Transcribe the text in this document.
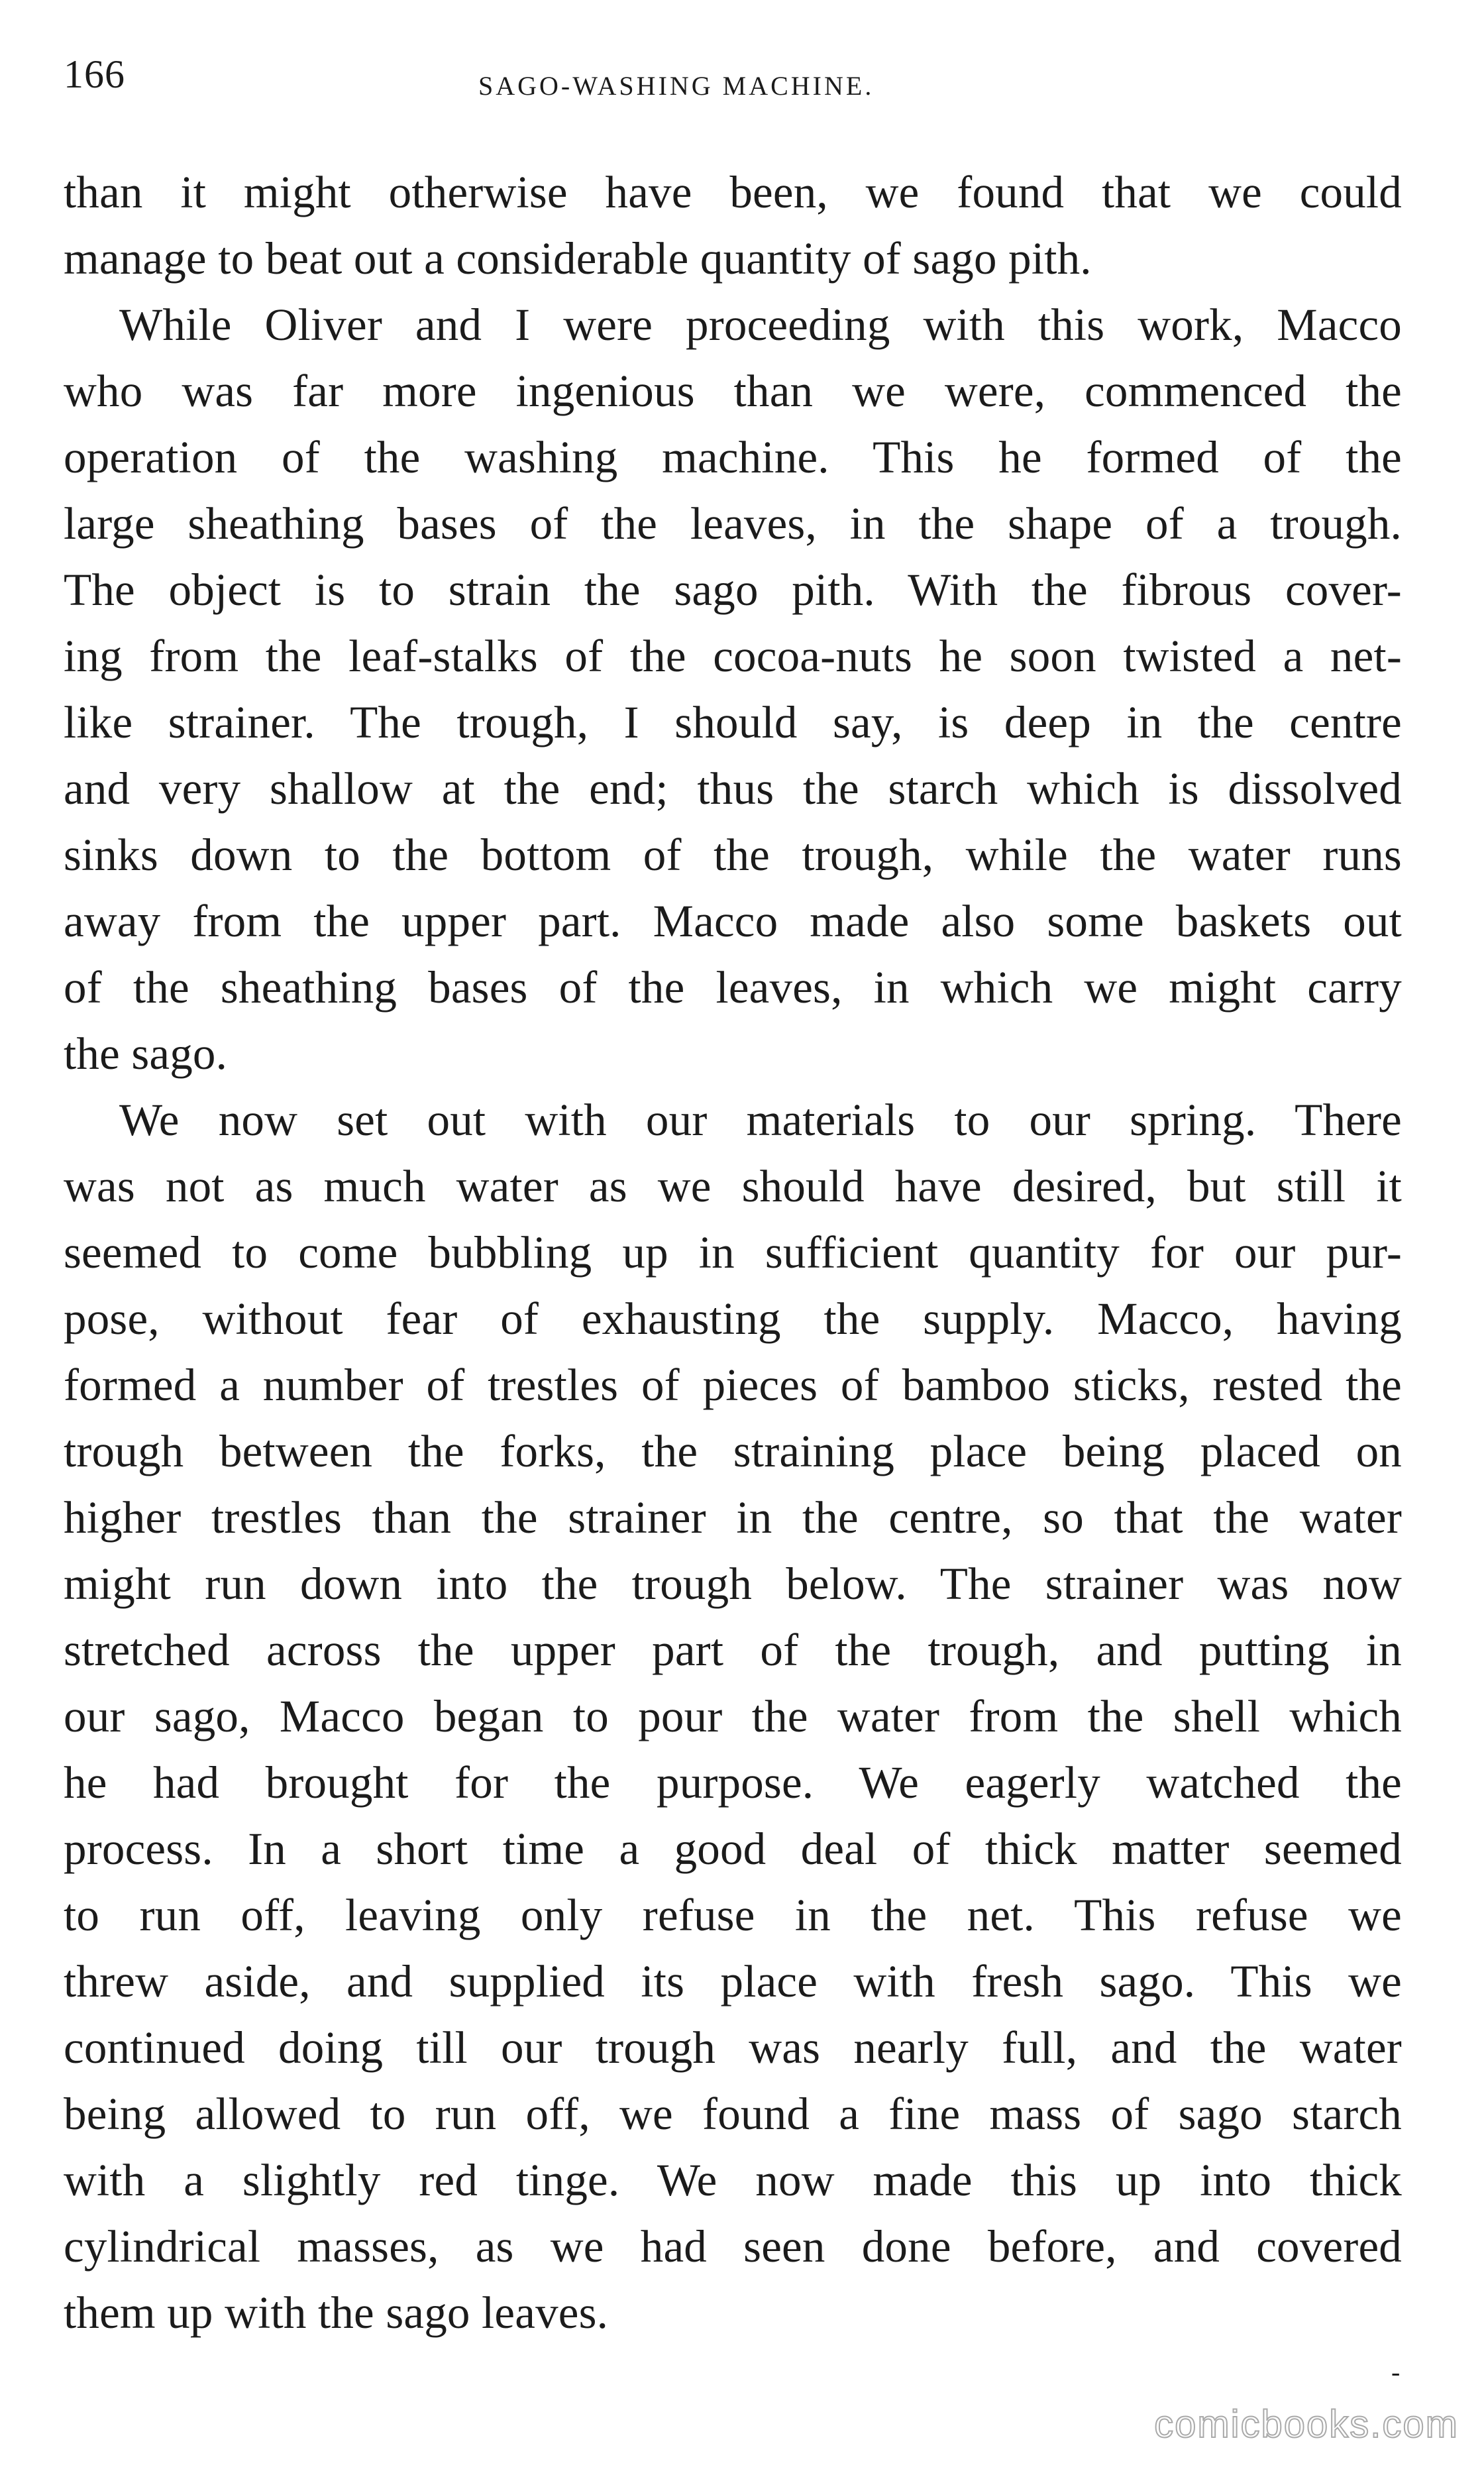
166	SAGO-WASHING MACHINE.
than it might otherwise have been, we found that we could
manage to beat out a considerable quantity of sago pith.
While Oliver and I were proceeding with this work, Macco
who was far more ingenious than we were, commenced the
operation of the washing machine. This he formed of the
large sheathing bases of the leaves, in the shape of a trough.
The object is to strain the sago pith. With the fibrous cover-
ing from the leaf-stalks of the cocoa-nuts he soon twisted a net-
like strainer. The trough, I should say, is deep in the centre
and very shallow at the end; thus the starch which is dissolved
sinks down to the bottom of the trough, while the water runs
away from the upper part. Macco made also some baskets out
of the sheathing bases of the leaves, in which we might carry
the sago.
We now set out with our materials to our spring. There
was not as much water as we should have desired, but still it
seemed to come bubbling up in sufficient quantity for our pur-
pose, without fear of exhausting the supply. Macco, having
formed a number of trestles of pieces of bamboo sticks, rested the
trough between the forks, the straining place being placed on
higher trestles than the strainer in the centre, so that the water
might run down into the trough below. The strainer was now
stretched across the upper part of the trough, and putting in
our sago, Macco began to pour the water from the shell which
he had brought for the purpose. We eagerly watched the
process. In a short time a good deal of thick matter seemed
to run off, leaving only refuse in the net. This refuse we
threw aside, and supplied its place with fresh sago. This we
continued doing till our trough was nearly full, and the water
being allowed to run off, we found a fine mass of sago starch
with a slightly red tinge. We now made this up into thick
cylindrical masses, as we had seen done before, and covered
them up with the sago leaves.
-
comicbooks.com
